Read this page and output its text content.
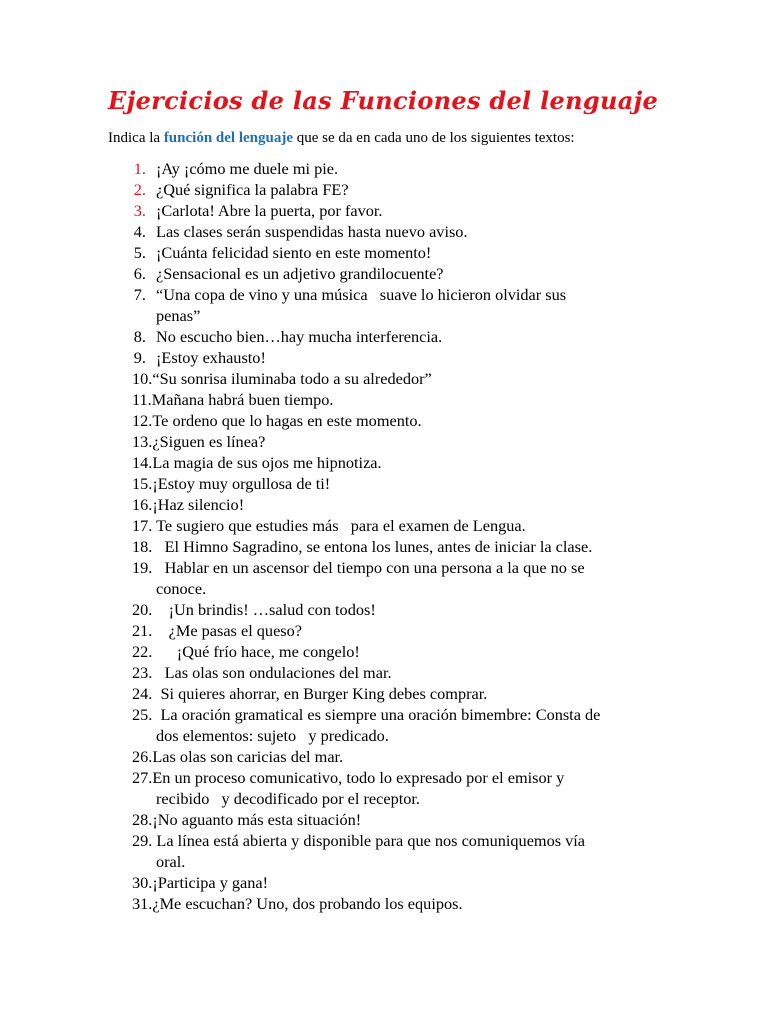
Ejercicios de las Funciones del lenguaje

Indica la función del lenguaje que se da en cada uno de los siguientes textos:

1. ¡Ay ¡cómo me duele mi pie.
2. ¿Qué significa la palabra FE?
3. ¡Carlota! Abre la puerta, por favor.
4. Las clases serán suspendidas hasta nuevo aviso.
5. ¡Cuánta felicidad siento en este momento!
6. ¿Sensacional es un adjetivo grandilocuente?
7. “Una copa de vino y una música   suave lo hicieron olvidar sus
penas”
8. No escucho bien…hay mucha interferencia.
9. ¡Estoy exhausto!
10.“Su sonrisa iluminaba todo a su alrededor”
11.Mañana habrá buen tiempo.
12.Te ordeno que lo hagas en este momento.
13.¿Siguen es línea?
14.La magia de sus ojos me hipnotiza.
15.¡Estoy muy orgullosa de ti!
16.¡Haz silencio!
17. Te sugiero que estudies más   para el examen de Lengua.
18.   El Himno Sagradino, se entona los lunes, antes de iniciar la clase.
19.   Hablar en un ascensor del tiempo con una persona a la que no se
conoce.
20.    ¡Un brindis! …salud con todos!
21.    ¿Me pasas el queso?
22.      ¡Qué frío hace, me congelo!
23.   Las olas son ondulaciones del mar.
24.  Si quieres ahorrar, en Burger King debes comprar.
25.  La oración gramatical es siempre una oración bimembre: Consta de
dos elementos: sujeto   y predicado.
26.Las olas son caricias del mar.
27.En un proceso comunicativo, todo lo expresado por el emisor y
recibido   y decodificado por el receptor.
28.¡No aguanto más esta situación!
29. La línea está abierta y disponible para que nos comuniquemos vía
oral.
30.¡Participa y gana!
31.¿Me escuchan? Uno, dos probando los equipos.
